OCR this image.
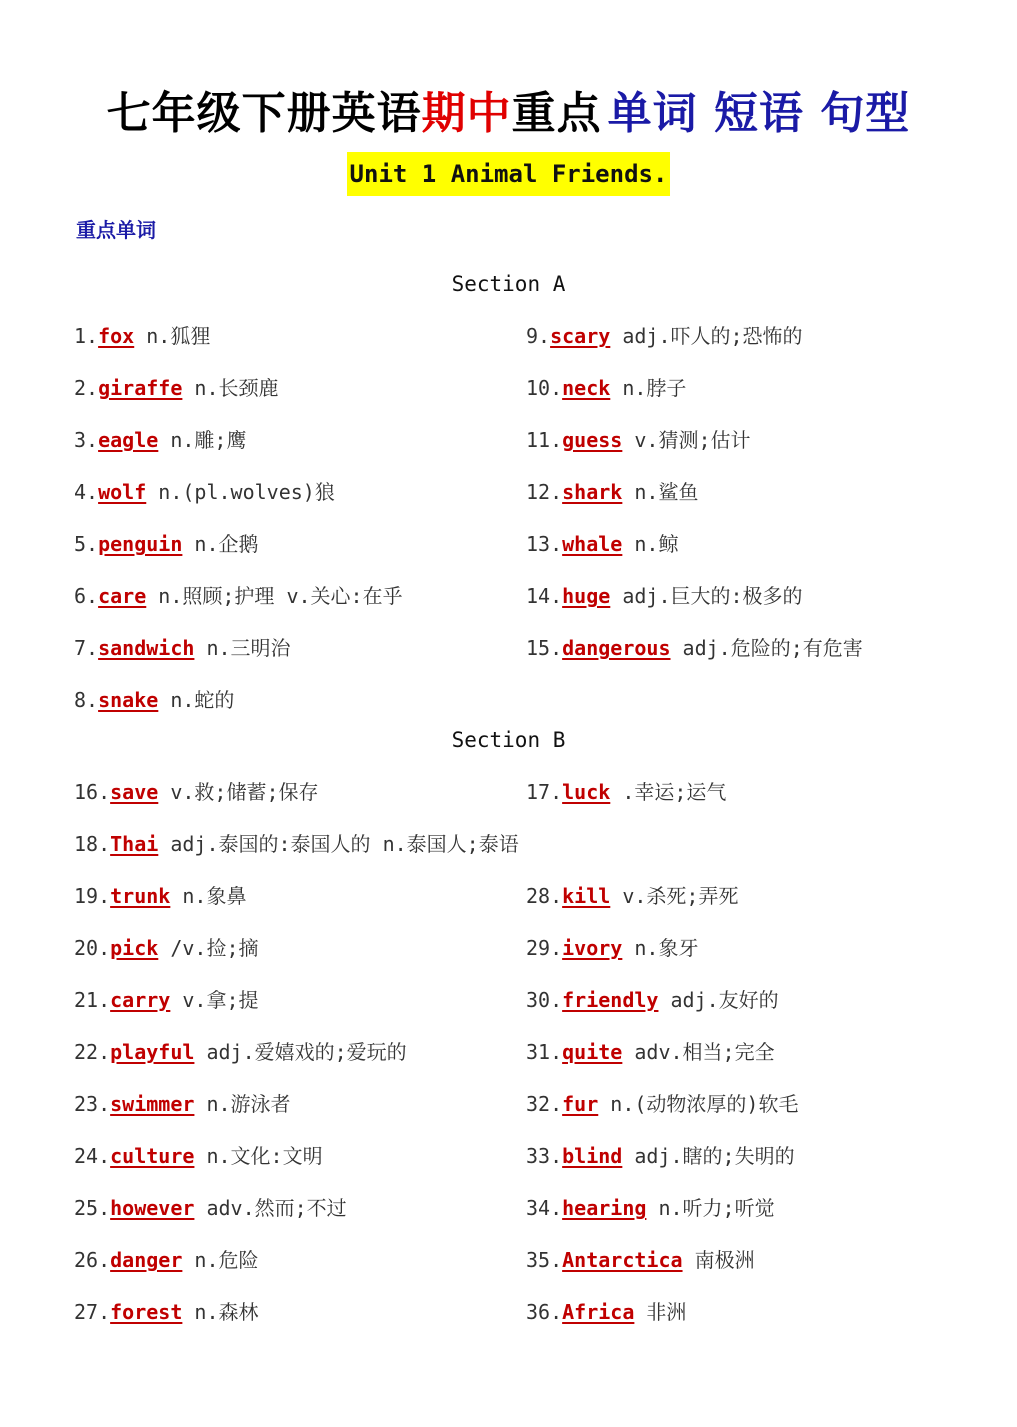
七年级下册英语期中重点 单词 短语 句型
Unit 1 Animal Friends.
重点单词
Section A
1.fox n.狐狸	9.scary adj.吓人的;恐怖的
2.giraffe n.长颈鹿	10.neck n.脖子
3.eagle n.雕;鹰	11.guess v.猜测;估计
4.wolf n.(pl.wolves)狼	12.shark n.鲨鱼
5.penguin n.企鹅	13.whale n.鲸
6.care n.照顾;护理 v.关心:在乎	14.huge adj.巨大的:极多的
7.sandwich n.三明治	15.dangerous adj.危险的;有危害
8.snake n.蛇的
Section B
16.save v.救;储蓄;保存	17.luck .幸运;运气
18.Thai adj.泰国的:泰国人的 n.泰国人;泰语
19.trunk n.象鼻	28.kill v.杀死;弄死
20.pick /v.捡;摘	29.ivory n.象牙
21.carry v.拿;提	30.friendly adj.友好的
22.playful adj.爱嬉戏的;爱玩的	31.quite adv.相当;完全
23.swimmer n.游泳者	32.fur n.(动物浓厚的)软毛
24.culture n.文化:文明	33.blind adj.瞎的;失明的
25.however adv.然而;不过	34.hearing n.听力;听觉
26.danger n.危险	35.Antarctica 南极洲
27.forest n.森林	36.Africa 非洲
